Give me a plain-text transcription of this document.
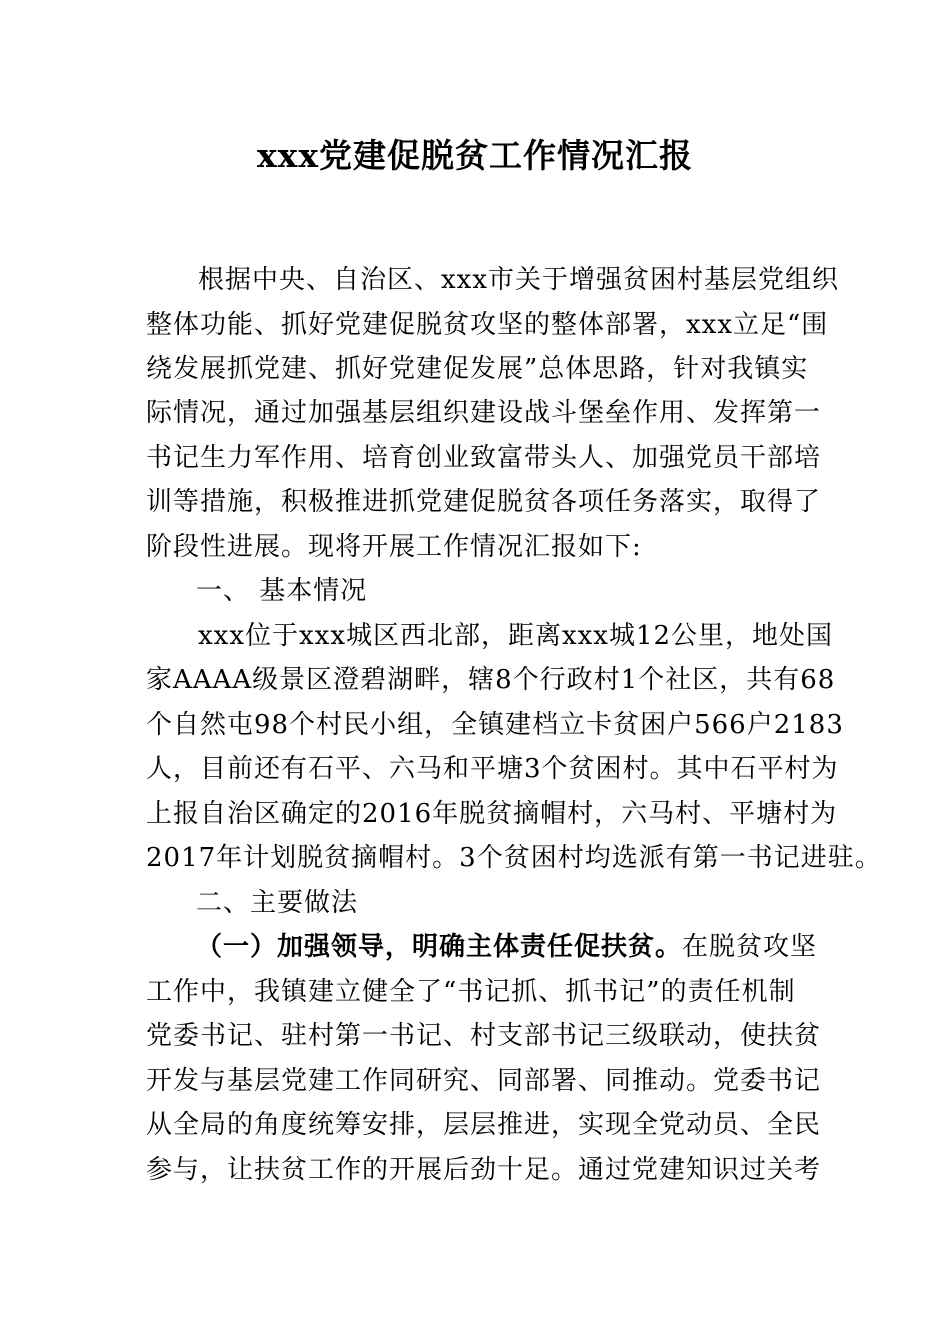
xxx党建促脱贫工作情况汇报
根据中央、自治区、xxx市关于增强贫困村基层党组织
整体功能、抓好党建促脱贫攻坚的整体部署，xxx立足“围
绕发展抓党建、抓好党建促发展”总体思路，针对我镇实
际情况，通过加强基层组织建设战斗堡垒作用、发挥第一
书记生力军作用、培育创业致富带头人、加强党员干部培
训等措施，积极推进抓党建促脱贫各项任务落实，取得了
阶段性进展。现将开展工作情况汇报如下:
一、 基本情况
xxx位于xxx城区西北部，距离xxx城12公里，地处国
家AAAA级景区澄碧湖畔，辖8个行政村1个社区，共有68
个自然屯98个村民小组，全镇建档立卡贫困户566户2183
人，目前还有石平、六马和平塘3个贫困村。其中石平村为
上报自治区确定的2016年脱贫摘帽村，六马村、平塘村为
2017年计划脱贫摘帽村。3个贫困村均选派有第一书记进驻。
二、主要做法
（一）加强领导，明确主体责任促扶贫。在脱贫攻坚
工作中，我镇建立健全了“书记抓、抓书记”的责任机制
党委书记、驻村第一书记、村支部书记三级联动，使扶贫
开发与基层党建工作同研究、同部署、同推动。党委书记
从全局的角度统筹安排，层层推进，实现全党动员、全民
参与，让扶贫工作的开展后劲十足。通过党建知识过关考
